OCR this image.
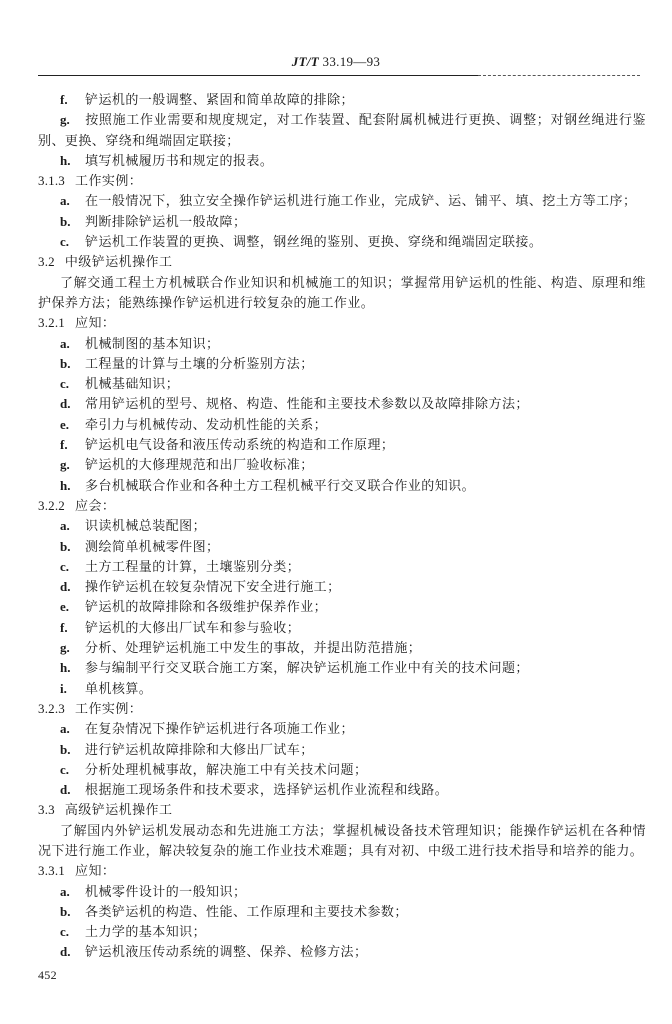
JT/T 33.19—93

f. 铲运机的一般调整、紧固和简单故障的排除；

g. 按照施工作业需要和规度规定，对工作装置、配套附属机械进行更换、调整；对钢丝绳进行鉴别、更换、穿绕和绳端固定联接；

h. 填写机械履历书和规定的报表。

3.1.3 工作实例：

a. 在一般情况下，独立安全操作铲运机进行施工作业，完成铲、运、铺平、填、挖土方等工序；

b. 判断排除铲运机一般故障；

c. 铲运机工作装置的更换、调整，钢丝绳的鉴别、更换、穿绕和绳端固定联接。

3.2 中级铲运机操作工

了解交通工程土方机械联合作业知识和机械施工的知识；掌握常用铲运机的性能、构造、原理和维护保养方法；能熟练操作铲运机进行较复杂的施工作业。

3.2.1 应知：

a. 机械制图的基本知识；

b. 工程量的计算与土壤的分析鉴别方法；

c. 机械基础知识；

d. 常用铲运机的型号、规格、构造、性能和主要技术参数以及故障排除方法；

e. 牵引力与机械传动、发动机性能的关系；

f. 铲运机电气设备和液压传动系统的构造和工作原理；

g. 铲运机的大修理规范和出厂验收标准；

h. 多台机械联合作业和各种土方工程机械平行交叉联合作业的知识。

3.2.2 应会：

a. 识读机械总装配图；

b. 测绘简单机械零件图；

c. 土方工程量的计算，土壤鉴别分类；

d. 操作铲运机在较复杂情况下安全进行施工；

e. 铲运机的故障排除和各级维护保养作业；

f. 铲运机的大修出厂试车和参与验收；

g. 分析、处理铲运机施工中发生的事故，并提出防范措施；

h. 参与编制平行交叉联合施工方案，解决铲运机施工作业中有关的技术问题；

i. 单机核算。

3.2.3 工作实例：

a. 在复杂情况下操作铲运机进行各项施工作业；

b. 进行铲运机故障排除和大修出厂试车；

c. 分析处理机械事故，解决施工中有关技术问题；

d. 根据施工现场条件和技术要求，选择铲运机作业流程和线路。

3.3 高级铲运机操作工

了解国内外铲运机发展动态和先进施工方法；掌握机械设备技术管理知识；能操作铲运机在各种情况下进行施工作业，解决较复杂的施工作业技术难题；具有对初、中级工进行技术指导和培养的能力。

3.3.1 应知：

a. 机械零件设计的一般知识；

b. 各类铲运机的构造、性能、工作原理和主要技术参数；

c. 土力学的基本知识；

d. 铲运机液压传动系统的调整、保养、检修方法；

452
